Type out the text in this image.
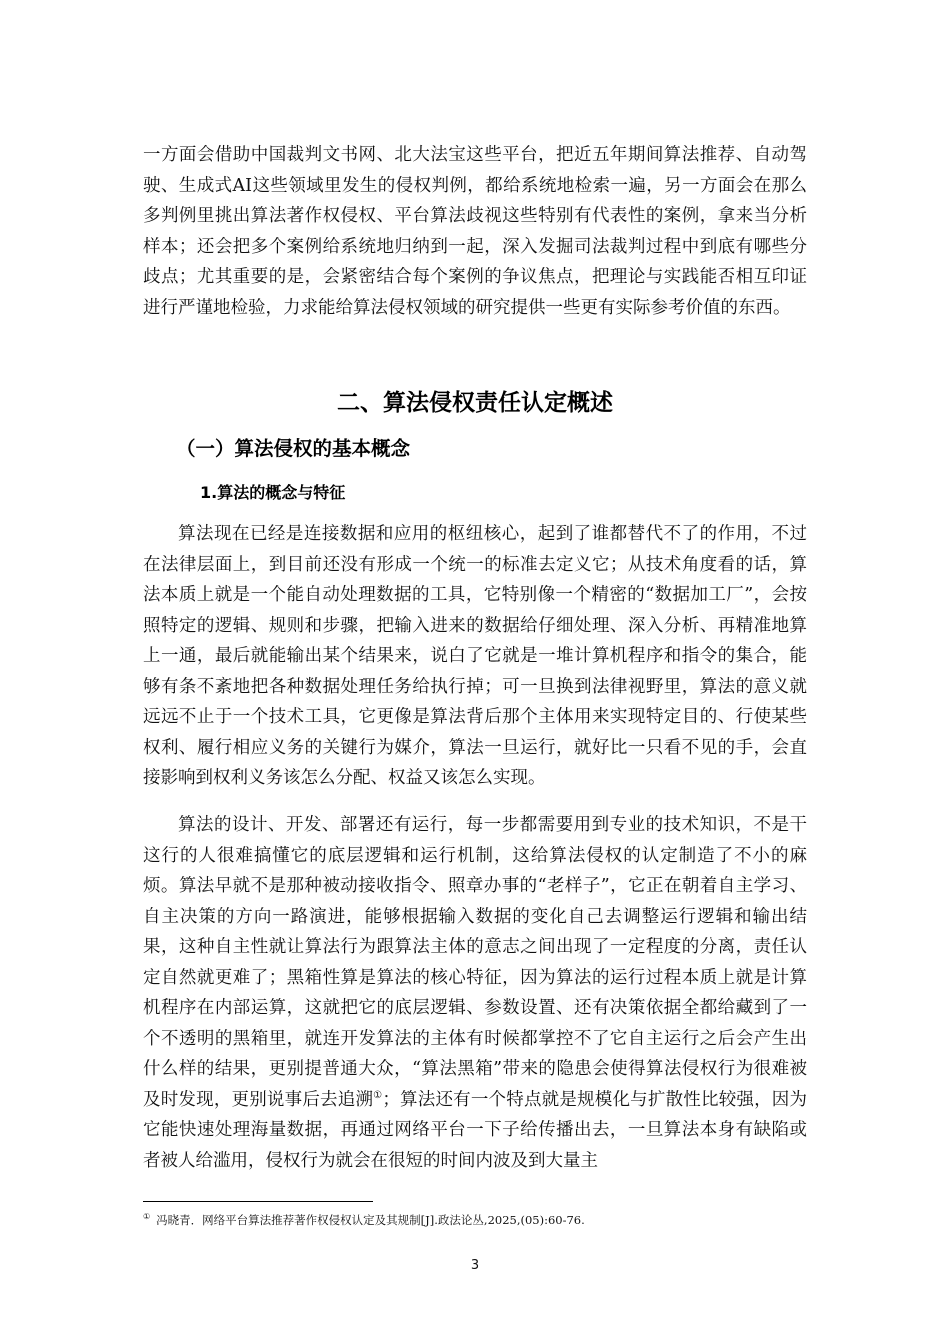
一方面会借助中国裁判文书网、北大法宝这些平台，把近五年期间算法推荐、自动驾驶、生成式AI这些领域里发生的侵权判例，都给系统地检索一遍，另一方面会在那么多判例里挑出算法著作权侵权、平台算法歧视这些特别有代表性的案例，拿来当分析样本；还会把多个案例给系统地归纳到一起，深入发掘司法裁判过程中到底有哪些分歧点；尤其重要的是，会紧密结合每个案例的争议焦点，把理论与实践能否相互印证进行严谨地检验，力求能给算法侵权领域的研究提供一些更有实际参考价值的东西。

二、算法侵权责任认定概述
（一）算法侵权的基本概念
1.算法的概念与特征

算法现在已经是连接数据和应用的枢纽核心，起到了谁都替代不了的作用，不过在法律层面上，到目前还没有形成一个统一的标准去定义它；从技术角度看的话，算法本质上就是一个能自动处理数据的工具，它特别像一个精密的“数据加工厂”，会按照特定的逻辑、规则和步骤，把输入进来的数据给仔细处理、深入分析、再精准地算上一通，最后就能输出某个结果来，说白了它就是一堆计算机程序和指令的集合，能够有条不紊地把各种数据处理任务给执行掉；可一旦换到法律视野里，算法的意义就远远不止于一个技术工具，它更像是算法背后那个主体用来实现特定目的、行使某些权利、履行相应义务的关键行为媒介，算法一旦运行，就好比一只看不见的手，会直接影响到权利义务该怎么分配、权益又该怎么实现。

算法的设计、开发、部署还有运行，每一步都需要用到专业的技术知识，不是干这行的人很难搞懂它的底层逻辑和运行机制，这给算法侵权的认定制造了不小的麻烦。算法早就不是那种被动接收指令、照章办事的“老样子”，它正在朝着自主学习、自主决策的方向一路演进，能够根据输入数据的变化自己去调整运行逻辑和输出结果，这种自主性就让算法行为跟算法主体的意志之间出现了一定程度的分离，责任认定自然就更难了；黑箱性算是算法的核心特征，因为算法的运行过程本质上就是计算机程序在内部运算，这就把它的底层逻辑、参数设置、还有决策依据全都给藏到了一个不透明的黑箱里，就连开发算法的主体有时候都掌控不了它自主运行之后会产生出什么样的结果，更别提普通大众，“算法黑箱”带来的隐患会使得算法侵权行为很难被及时发现，更别说事后去追溯①；算法还有一个特点就是规模化与扩散性比较强，因为它能快速处理海量数据，再通过网络平台一下子给传播出去，一旦算法本身有缺陷或者被人给滥用，侵权行为就会在很短的时间内波及到大量主

① 冯晓青．网络平台算法推荐著作权侵权认定及其规制[J].政法论丛,2025,(05):60-76.

3
